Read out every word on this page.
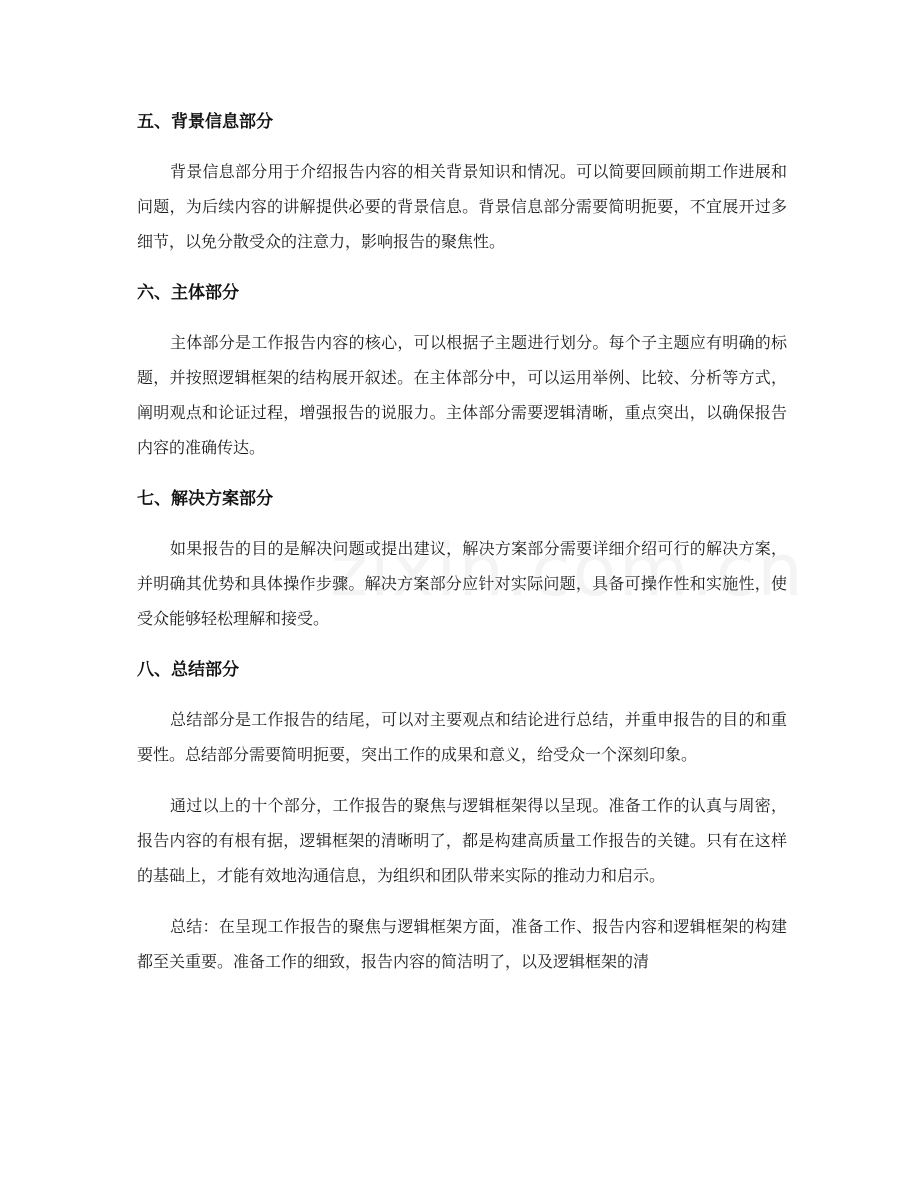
五、背景信息部分

背景信息部分用于介绍报告内容的相关背景知识和情况。可以简要回顾前期工作进展和问题，为后续内容的讲解提供必要的背景信息。背景信息部分需要简明扼要，不宜展开过多细节，以免分散受众的注意力，影响报告的聚焦性。

六、主体部分

主体部分是工作报告内容的核心，可以根据子主题进行划分。每个子主题应有明确的标题，并按照逻辑框架的结构展开叙述。在主体部分中，可以运用举例、比较、分析等方式，阐明观点和论证过程，增强报告的说服力。主体部分需要逻辑清晰，重点突出，以确保报告内容的准确传达。

七、解决方案部分

如果报告的目的是解决问题或提出建议，解决方案部分需要详细介绍可行的解决方案，并明确其优势和具体操作步骤。解决方案部分应针对实际问题，具备可操作性和实施性，使受众能够轻松理解和接受。

八、总结部分

总结部分是工作报告的结尾，可以对主要观点和结论进行总结，并重申报告的目的和重要性。总结部分需要简明扼要，突出工作的成果和意义，给受众一个深刻印象。

通过以上的十个部分，工作报告的聚焦与逻辑框架得以呈现。准备工作的认真与周密，报告内容的有根有据，逻辑框架的清晰明了，都是构建高质量工作报告的关键。只有在这样的基础上，才能有效地沟通信息，为组织和团队带来实际的推动力和启示。

总结：在呈现工作报告的聚焦与逻辑框架方面，准备工作、报告内容和逻辑框架的构建都至关重要。准备工作的细致，报告内容的简洁明了，以及逻辑框架的清
